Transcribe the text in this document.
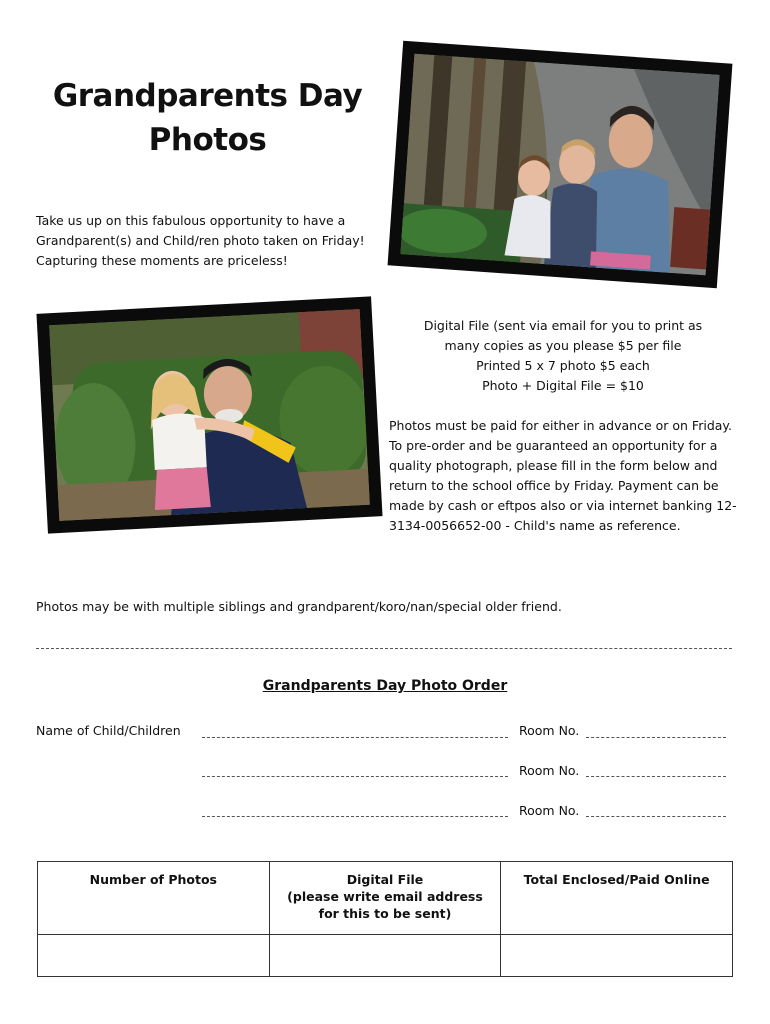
Grandparents Day
Photos
Take us up on this fabulous opportunity to have a Grandparent(s) and Child/ren photo taken on Friday! Capturing these moments are priceless!
Digital File (sent via email for you to print as
many copies as you please $5 per file
Printed 5 x 7 photo $5 each
Photo + Digital File = $10
Photos must be paid for either in advance or on Friday. To pre-order and be guaranteed an opportunity for a quality photograph, please fill in the form below and return to the school office by Friday. Payment can be made by cash or eftpos also or via internet banking 12-3134-0056652-00 - Child's name as reference.
Photos may be with multiple siblings and grandparent/koro/nan/special older friend.
Grandparents Day Photo Order
Name of Child/Children	Room No.
Room No.
Room No.
Number of Photos	Digital File
(please write email address
for this to be sent)	Total Enclosed/Paid Online
